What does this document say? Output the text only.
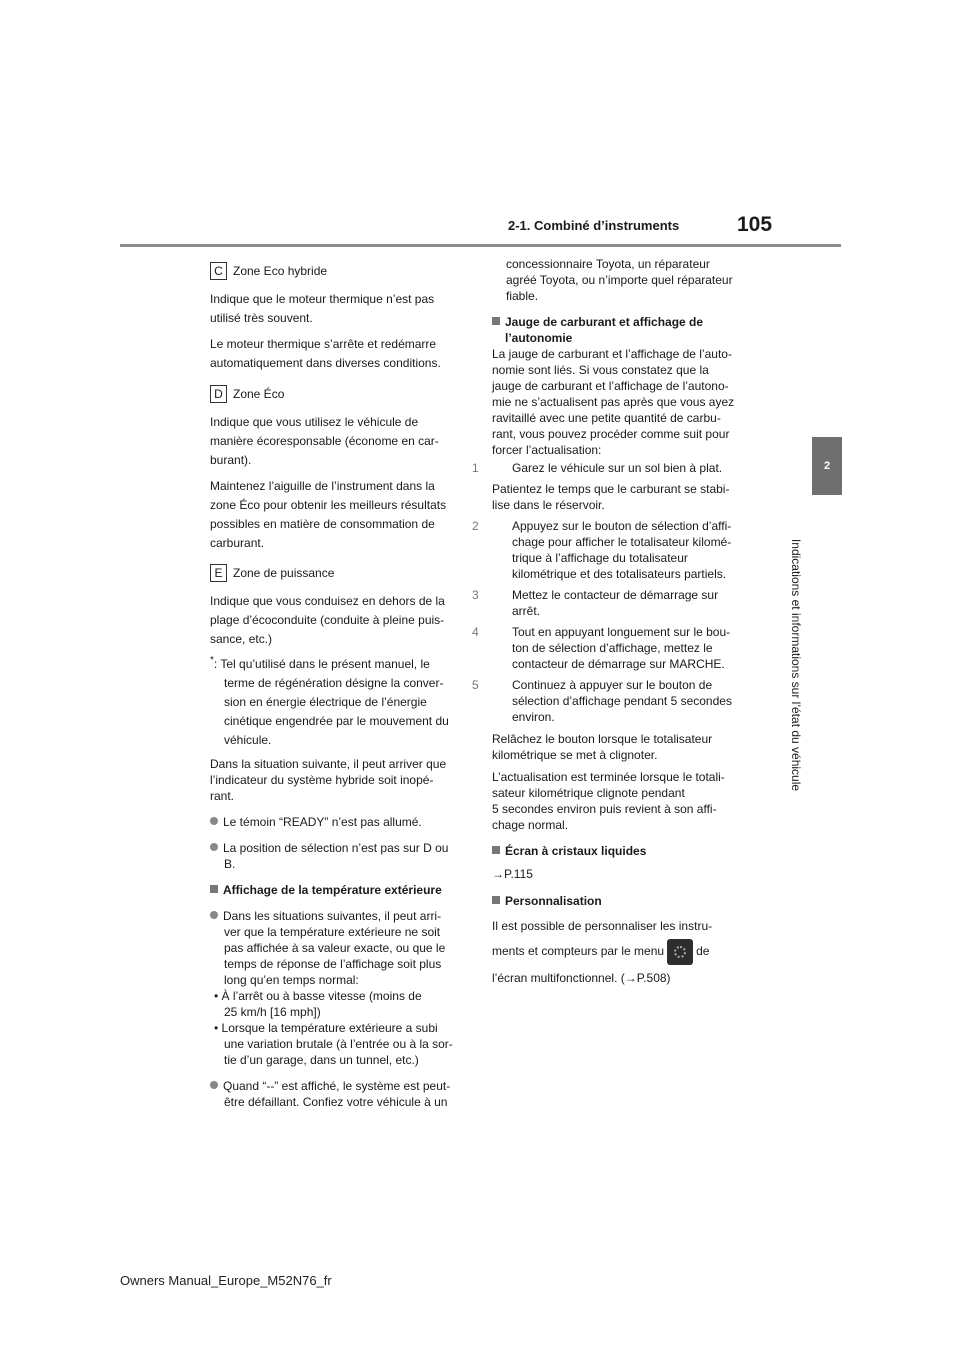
2-1. Combiné d’instruments	105
2
Indications et informations sur l’état du véhicule
C Zone Eco hybride

Indique que le moteur thermique n’est pas

utilisé très souvent.

Le moteur thermique s’arrête et redémarre

automatiquement dans diverses conditions.

D Zone Éco

Indique que vous utilisez le véhicule de

manière écoresponsable (économe en car-

burant).

Maintenez l’aiguille de l’instrument dans la

zone Éco pour obtenir les meilleurs résultats

possibles en matière de consommation de

carburant.

E Zone de puissance

Indique que vous conduisez en dehors de la

plage d’écoconduite (conduite à pleine puis-

sance, etc.)

*: Tel qu’utilisé dans le présent manuel, le

terme de régénération désigne la conver-

sion en énergie électrique de l’énergie

cinétique engendrée par le mouvement du

véhicule.

Dans la situation suivante, il peut arriver que

l’indicateur du système hybride soit inopé-

rant.

Le témoin “READY” n’est pas allumé.

La position de sélection n’est pas sur D ou

B.

Affichage de la température extérieure

Dans les situations suivantes, il peut arri-

ver que la température extérieure ne soit

pas affichée à sa valeur exacte, ou que le

temps de réponse de l’affichage soit plus

long qu’en temps normal:

• À l’arrêt ou à basse vitesse (moins de

25 km/h [16 mph])

• Lorsque la température extérieure a subi

une variation brutale (à l’entrée ou à la sor-

tie d’un garage, dans un tunnel, etc.)

Quand “--” est affiché, le système est peut-

être défaillant. Confiez votre véhicule à un

concessionnaire Toyota, un réparateur

agréé Toyota, ou n’importe quel réparateur

fiable.

Jauge de carburant et affichage de

l’autonomie

La jauge de carburant et l’affichage de l’auto-

nomie sont liés. Si vous constatez que la

jauge de carburant et l’affichage de l’autono-

mie ne s’actualisent pas après que vous ayez

ravitaillé avec une petite quantité de carbu-

rant, vous pouvez procéder comme suit pour

forcer l’actualisation:

1	Garez le véhicule sur un sol bien à plat.

Patientez le temps que le carburant se stabi-

lise dans le réservoir.

2	Appuyez sur le bouton de sélection d’affi-

chage pour afficher le totalisateur kilomé-

trique à l’affichage du totalisateur

kilométrique et des totalisateurs partiels.

3	Mettez le contacteur de démarrage sur

arrêt.

4	Tout en appuyant longuement sur le bou-

ton de sélection d’affichage, mettez le

contacteur de démarrage sur MARCHE.

5	Continuez à appuyer sur le bouton de

sélection d’affichage pendant 5 secondes

environ.

Relâchez le bouton lorsque le totalisateur

kilométrique se met à clignoter.

L’actualisation est terminée lorsque le totali-

sateur kilométrique clignote pendant

5 secondes environ puis revient à son affi-

chage normal.

Écran à cristaux liquides

→P.115

Personnalisation

Il est possible de personnaliser les instru-

ments et compteurs par le menu	de

l’écran multifonctionnel. (→P.508)

Owners Manual_Europe_M52N76_fr
